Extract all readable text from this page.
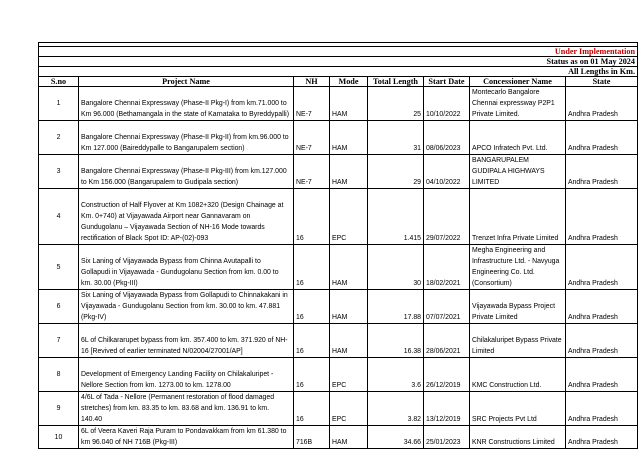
Under Implementation							
Status as on 01 May 2024							
All Lengths in Km.							
S.no	Project Name	NH	Mode	Total Length	Start Date	Concessioner Name	State
1	Bangalore Chennai Expressway (Phase-II Pkg-I) from km.71.000 to Km 96.000 (Bethamangala in the state of Karnataka to Byreddypalli)	NE-7	HAM	25	10/10/2022	Montecarlo Bangalore Chennai expressway P2P1 Private Limited.	Andhra Pradesh
2	Bangalore Chennai Expressway (Phase-II Pkg-II) from km.96.000 to Km 127.000 (Baireddypalle to Bangarupalem section)	NE-7	HAM	31	08/06/2023	APCO Infratech Pvt. Ltd.	Andhra Pradesh
3	Bangalore Chennai Expressway (Phase-II Pkg-III) from km.127.000 to Km 156.000 (Bangarupalem to Gudipala section)	NE-7	HAM	29	04/10/2022	BANGARUPALEM GUDIPALA HIGHWAYS LIMITED	Andhra Pradesh
4	Construction of Half Flyover at Km 1082+320 (Design Chainage at Km. 0+740) at Vijayawada Airport near Gannavaram on Gundugolanu – Vijayawada Section of NH-16 Mode towards rectification of Black Spot ID: AP-(02)-093	16	EPC	1.415	29/07/2022	Trenzet Infra Private Limited	Andhra Pradesh
5	Six Laning of Vijayawada Bypass from Chinna Avutapalli to Gollapudi in Vijayawada - Gundugolanu Section from km. 0.00 to km. 30.00 (Pkg-III)	16	HAM	30	18/02/2021	Megha Engineering and Infrastructure Ltd. - Navyuga Engineering Co. Ltd. (Consortium)	Andhra Pradesh
6	Six Laning of Vijayawada Bypass from Gollapudi to Chinnakakani in Vijayawada - Gundugolanu Section from km. 30.00 to km. 47.881 (Pkg-IV)	16	HAM	17.88	07/07/2021	Vijayawada Bypass Project Private Limited	Andhra Pradesh
7	6L of Chilkararupet bypass from km. 357.400 to km. 371.920 of NH-16 [Revived of earlier terminated N/02004/27001/AP]	16	HAM	16.38	28/06/2021	Chilakaluripet Bypass Private Limited	Andhra Pradesh
8	Development of Emergency Landing Facility on Chilakaluripet - Nellore Section from km. 1273.00 to km. 1278.00	16	EPC	3.6	26/12/2019	KMC Construction Ltd.	Andhra Pradesh
9	4/6L of Tada - Nellore (Permanent restoration of flood damaged stretches) from km. 83.35 to km. 83.68 and km. 136.91 to km. 140.40	16	EPC	3.82	13/12/2019	SRC Projects Pvt Ltd	Andhra Pradesh
10	6L of Veera Kaveri Raja Puram to Pondavakkam from km 61.380 to km 96.040 of NH 716B (Pkg-III)	716B	HAM	34.66	25/01/2023	KNR Constructions Limited	Andhra Pradesh
